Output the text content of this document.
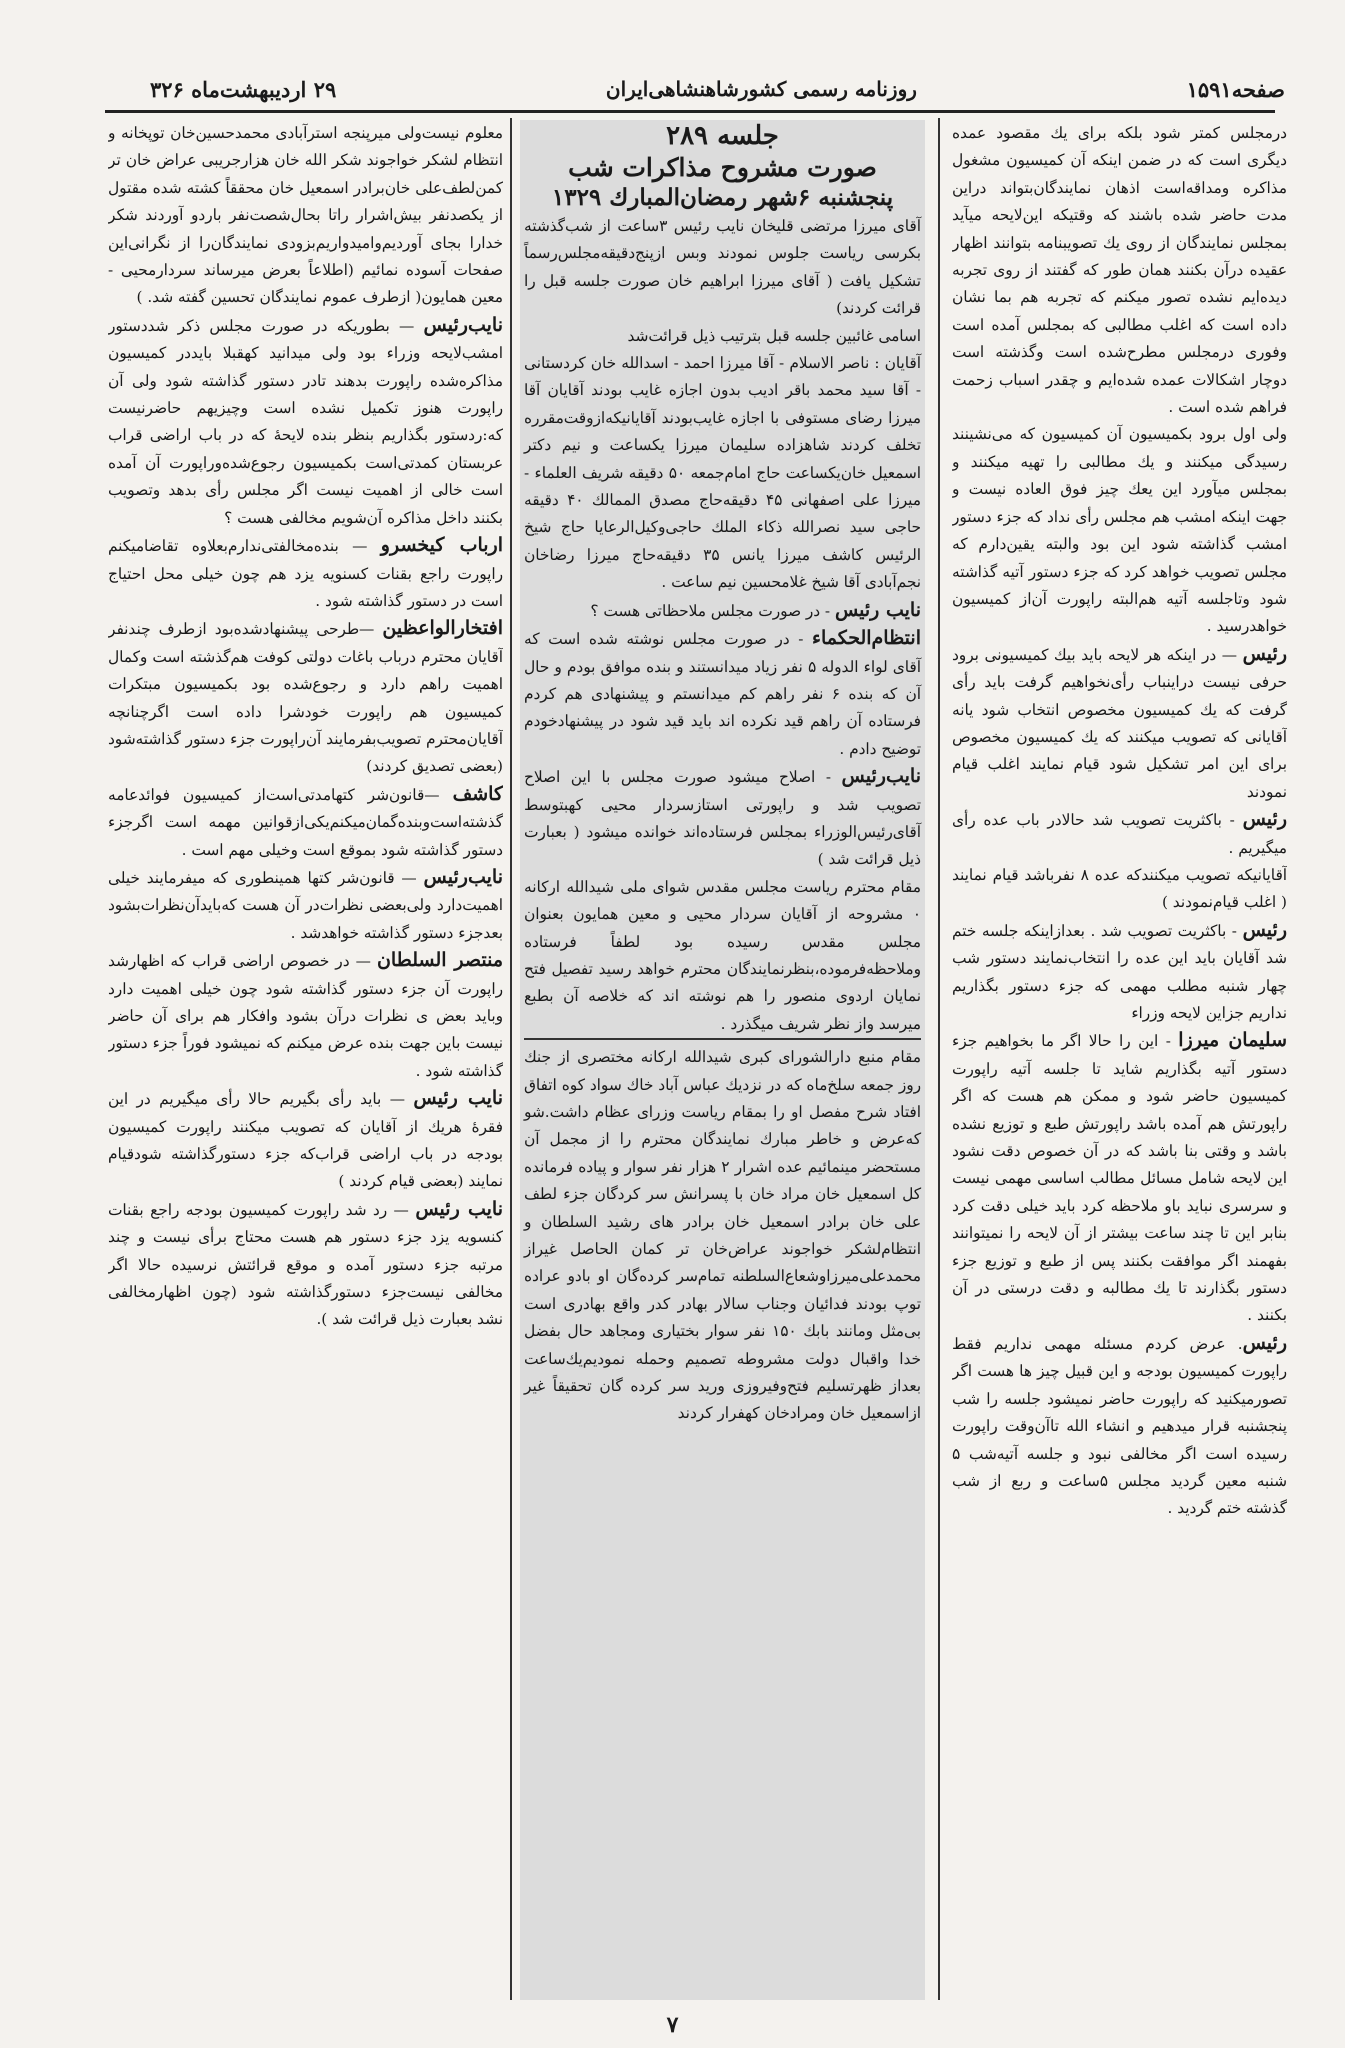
صفحه۱۵۹۱
روزنامه رسمی کشورشاهنشاهی‌ایران
۲۹ اردیبهشت‌ماه ۳۲۶

درمجلس کمتر شود بلکه برای یك مقصود عمده دیگری است که در ضمن اینکه آن کمیسیون مشغول مذاکره ومداقه‌است اذهان نمایندگان‌بتواند دراین مدت حاضر شده باشند که وقتیکه این‌لایحه میآید بمجلس نمایندگان از روی یك تصویبنامه بتوانند اظهار عقیده درآن بکنند همان طور که گفتند از روی تجربه دیده‌ایم نشده تصور میکنم که تجربه هم بما نشان داده است که اغلب مطالبی که بمجلس آمده است وفوری درمجلس مطرح‌شده است وگذشته است دوچار اشکالات عمده شده‌ایم و چقدر اسباب زحمت فراهم شده است .

ولی اول برود بکمیسیون آن کمیسیون که می‌نشینند رسیدگی میکنند و یك مطالبی را تهیه میکنند و بمجلس میآورد این یعك چیز فوق العاده نیست و جهت اینکه امشب هم مجلس رأی نداد که جزء دستور امشب گذاشته شود این بود والبته یقین‌دارم که مجلس تصویب خواهد کرد که جزء دستور آتیه گذاشته شود وتاجلسه آتیه هم‌البته راپورت آن‌از کمیسیون خواهدرسید .

رئیس — در اینکه هر لایحه باید بیك کمیسیونی برود حرفی نیست دراینباب رأی‌نخواهیم گرفت باید رأی گرفت که یك کمیسیون مخصوص انتخاب شود یانه آقایانی که تصویب میکنند که یك کمیسیون مخصوص برای این امر تشکیل شود قیام نمایند اغلب قیام نمودند

رئیس - باکثریت تصویب شد حالادر باب عده رأی میگیریم .

آقایانیکه تصویب میکنندکه عده ۸ نفرباشد قیام نمایند ( اغلب قیام‌نمودند )

رئیس - باکثریت تصویب شد . بعدازاینکه جلسه ختم شد آقایان باید این عده را انتخاب‌نمایند دستور شب چهار شنبه مطلب مهمی که جزء دستور بگذاریم نداریم جزاین لایحه وزراء

سلیمان میرزا - این را حالا اگر ما بخواهیم جزء دستور آتیه بگذاریم شاید تا جلسه آتیه راپورت کمیسیون حاضر شود و ممکن هم هست که اگر راپورتش هم آمده باشد راپورتش طبع و توزیع نشده باشد و وقتی بنا باشد که در آن خصوص دقت نشود این لایحه شامل مسائل مطالب اساسی مهمی نیست و سرسری نباید باو ملاحظه کرد باید خیلی دقت کرد بنابر این تا چند ساعت بیشتر از آن لایحه را نمیتوانند بفهمند اگر موافقت بکنند پس از طبع و توزیع جزء دستور بگذارند تا یك مطالبه و دقت درستی در آن بکنند .

رئیس. عرض کردم مسئله مهمی نداریم فقط راپورت کمیسیون بودجه و این قبیل چیز ها هست اگر تصورمیکنید که راپورت حاضر نمیشود جلسه را شب پنجشنبه قرار میدهیم و انشاء الله تاآن‌وقت راپورت رسیده است اگر مخالفی نبود و جلسه آتیه‌شب ۵ شنبه معین گردید مجلس ۵ساعت و ربع از شب گذشته ختم گردید .

جلسه ۲۸۹
صورت مشروح مذاکرات شب
پنجشنبه ۶شهر رمضان‌المبارك ۱۳۲۹

آقای میرزا مرتضی قلیخان نایب رئیس ۳ساعت از شب‌گذشته بکرسی ریاست جلوس نمودند وبس ازپنج‌دقیقه‌مجلس‌رسماً تشکیل یافت ( آقای میرزا ابراهیم خان صورت جلسه قبل را قرائت کردند)

اسامی غائبین جلسه قبل بترتیب ذیل قرائت‌شد

آقایان : ناصر الاسلام - آقا میرزا احمد - اسدالله خان کردستانی - آقا سید محمد باقر ادیب بدون اجازه غایب بودند آقایان آقا میرزا رضای مستوفی با اجازه غایب‌بودند آقایانیکه‌ازوقت‌مقرره تخلف کردند شاهزاده سلیمان میرزا یکساعت و نیم دکتر اسمعیل خان‌یکساعت حاج امام‌جمعه ۵۰ دقیقه شریف العلماء - میرزا علی اصفهانی ۴۵ دقیقه‌حاج مصدق الممالك ۴۰ دقیقه حاجی سید نصرالله ذکاء الملك حاجی‌وکیل‌الرعایا حاج شیخ الرئیس کاشف میرزا یانس ۳۵ دقیقه‌حاج میرزا رضاخان نجم‌آبادی آقا شیخ غلامحسین نیم ساعت .

نایب رئیس - در صورت مجلس ملاحظاتی هست ؟

انتظام‌الحکماء - در صورت مجلس نوشته شده است که آقای لواء الدوله ۵ نفر زیاد میدانستند و بنده موافق بودم و حال آن که بنده ۶ نفر راهم کم میدانستم و پیشنهادی هم کردم فرستاده آن راهم قید نکرده اند باید قید شود در پیشنهادخودم توضیح دادم .

نایب‌رئیس - اصلاح میشود صورت مجلس با این اصلاح تصویب شد و راپورتی استازسردار محیی کهبتوسط آقای‌رئیس‌الوزراء بمجلس فرستاده‌اند خوانده میشود ( بعبارت ذیل قرائت شد )

مقام محترم ریاست مجلس مقدس شوای ملی شیدالله ارکانه ۰ مشروحه از آقایان سردار محیی و معین همایون بعنوان مجلس مقدس رسیده بود لطفاً فرستاده وملاحظه‌فرموده،بنظر‌نمایندگان محترم خواهد رسید تفصیل فتح نمایان اردوی منصور را هم نوشته اند که خلاصه آن بطبع میرسد واز نظر شریف میگذرد .

مقام منبع دارالشورای کبری شیدالله ارکانه مختصری از جنك روز جمعه سلخ‌ماه که در نزدیك عباس آباد خاك سواد کوه اتفاق افتاد شرح مفصل او را بمقام ریاست وزرای عظام داشت.شو که‌عرض و خاطر مبارك نمایندگان محترم را از مجمل آن مستحضر مینمائیم عده اشرار ۲ هزار نفر سوار و پیاده فرمانده کل اسمعیل خان مراد خان با پسرانش سر کردگان جزء لطف علی خان برادر اسمعیل خان برادر های رشید السلطان و انتظام‌لشکر خواجوند عراض‌خان تر کمان الحاصل غیراز محمدعلی‌میرزاوشعاع‌السلطنه تمام‌سر کرده‌گان او بادو عراده توپ بودند فدائیان وجناب سالار بهادر کدر واقع بهادری است بی‌مثل ومانند بابك ۱۵۰ نفر سوار بختیاری ومجاهد حال بفضل خدا واقبال دولت مشروطه تصمیم وحمله نمودیم‌یك‌ساعت بعداز ظهر‌تسلیم فتح‌وفیروزی ورید سر کرده گان تحقیقاً غیر ازاسمعیل خان ومرادخان کهفرار کردند

معلوم نیست‌ولی میرپنجه استرآبادی محمدحسین‌خان توپخانه و انتظام لشکر خواجوند شکر الله خان هزارجریبی عراض خان تر کمن‌لطف‌علی خان‌برادر اسمعیل خان محققاً کشته شده مقتول از یکصدنفر بیش‌اشرار راتا بحال‌شصت‌نفر باردو آوردند شکر خدارا بجای آوردیم‌وامیدواریم‌بزودی نمایندگان‌را از نگرانی‌این صفحات آسوده نمائیم (اطلاعاً بعرض میرساند سردارمحیی - معین همایون( ازطرف عموم نمایندگان تحسین گفته شد. )

نایب‌رئیس — بطوریکه در صورت مجلس ذکر شددستور امشب‌لایحه وزراء بود ولی میدانید کهقبلا بایددر کمیسیون مذاکره‌شده راپورت بدهند تادر دستور گذاشته شود ولی آن راپورت هنوز تکمیل نشده است وچیزیهم حاضرنیست که:ردستور بگذاریم بنظر بنده لایحهٔ که در باب اراضی قراب عربستان کمدتی‌است بکمیسیون رجوع‌شده‌وراپورت آن آمده است خالی از اهمیت نیست اگر مجلس رأی بدهد وتصویب بکنند داخل مذاکره آن‌شویم مخالفی هست ؟

ارباب کیخسرو — بنده‌مخالفتی‌ندارم‌بعلاوه تقاضامیکنم راپورت راجع بقنات کسنویه یزد هم چون خیلی محل احتیاج است در دستور گذاشته شود .

افتخارالواعظین —طرحی پیشنهادشده‌بود ازطرف چندنفر آقایان محترم درباب باغات دولتی کوفت هم‌گذشته است وکمال اهمیت راهم دارد و رجوع‌شده بود بکمیسیون مبتکرات کمیسیون هم راپورت خودشرا داده است اگرچنانچه آقایان‌محترم تصویب‌بفرمایند آن‌راپورت جزء دستور گذاشته‌شود (بعضی تصدیق کردند)

کاشف —قانون‌شر کتهامدتی‌است‌از کمیسیون فوائدعامه گذشته‌است‌وبنده‌گمان‌میکنم‌یکی‌ازقوانین مهمه است اگرجزء دستور گذاشته شود بموقع است وخیلی مهم است .

نایب‌رئیس — قانون‌شر کتها همینطوری که میفرمایند خیلی اهمیت‌دارد ولی‌بعضی نظرات‌در آن هست که‌بایدآن‌نظرات‌بشود بعدجزء دستور گذاشته خواهدشد .

منتصر السلطان — در خصوص اراضی قراب که اظهارشد راپورت آن جزء دستور گذاشته شود چون خیلی اهمیت دارد وباید بعض ی نظرات درآن بشود وافکار هم برای آن حاضر نیست باین جهت بنده عرض میکنم که نمیشود فوراً جزء دستور گذاشته شود .

نایب رئیس — باید رأی بگیریم حالا رأی میگیریم در این فقرهٔ هریك از آقایان که تصویب میکنند راپورت کمیسیون بودجه در باب اراضی قراب‌که جزء دستورگذاشته شودقیام نمایند (بعضی قیام کردند )

نایب رئیس — رد شد راپورت کمیسیون بودجه راجع بقنات کنسویه یزد جزء دستور هم هست محتاج برأی نیست و چند مرتبه جزء دستور آمده و موقع قرائتش نرسیده حالا اگر مخالفی نیست‌جزء دستورگذاشته شود (چون اظهارمخالفی نشد بعبارت ذیل قرائت شد ).

۷
